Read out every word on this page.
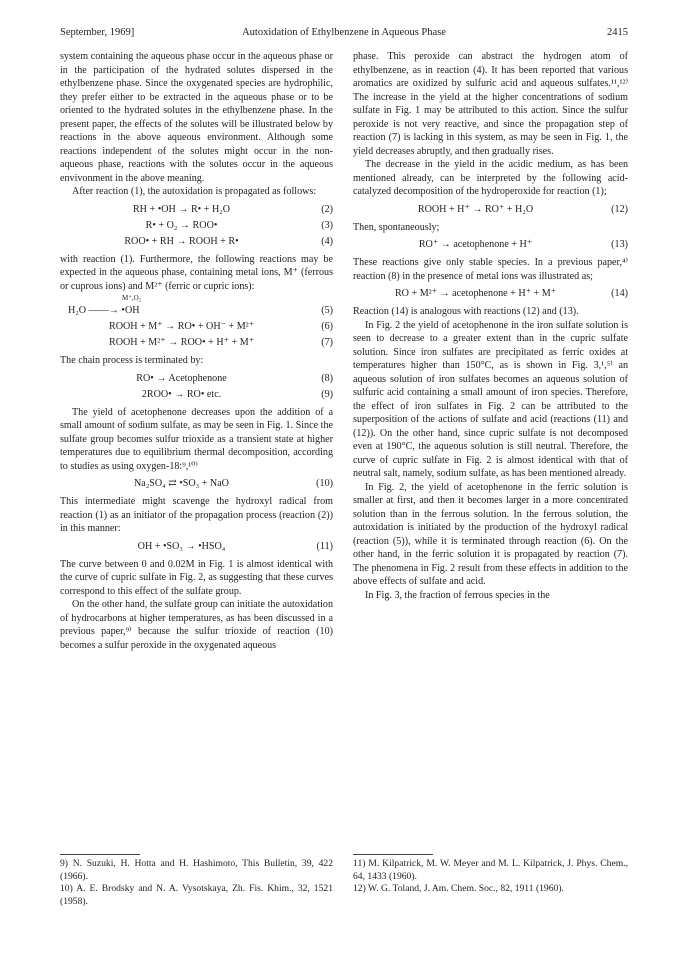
September, 1969]	Autoxidation of Ethylbenzene in Aqueous Phase	2415

system containing the aqueous phase occur in the aqueous phase or in the participation of the hydrated solutes dispersed in the ethylbenzene phase. Since the oxygenated species are hydrophilic, they prefer either to be extracted in the aqueous phase or to be oriented to the hydrated solutes in the ethylbenzene phase. In the present paper, the effects of the solutes will be illustrated below by reactions in the above aqueous environment. Although some reactions independent of the solutes might occur in the non-aqueous phase, reactions with the solutes occur in the aqueous envivonment in the above meaning.

After reaction (1), the autoxidation is propagated as follows:

RH + •OH → R• + H₂O	(2)
R• + O₂ → ROO•	(3)
ROO• + RH → ROOH + R•	(4)

with reaction (1). Furthermore, the following reactions may be expected in the aqueous phase, containing metal ions, M⁺ (ferrous or cuprous ions) and M²⁺ (ferric or cupric ions):

M⁺,O₂
H₂O ——→ •OH	(5)
ROOH + M⁺ → RO• + OH⁻ + M²⁺	(6)
ROOH + M²⁺ → ROO• + H⁺ + M⁺	(7)

The chain process is terminated by:

RO• → Acetophenone	(8)
2ROO• → RO• etc.	(9)

The yield of acetophenone decreases upon the addition of a small amount of sodium sulfate, as may be seen in Fig. 1. Since the sulfate group becomes sulfur trioxide as a transient state at higher temperatures due to equilibrium thermal decomposition, according to studies as using oxygen-18:⁹,¹⁰⁾

Na₂SO₄ ⇄ •SO₃ + NaO	(10)

This intermediate might scavenge the hydroxyl radical from reaction (1) as an initiator of the propagation process (reaction (2)) in this manner:

OH + •SO₃ → •HSO₄	(11)

The curve between 0 and 0.02M in Fig. 1 is almost identical with the curve of cupric sulfate in Fig. 2, as suggesting that these curves correspond to this effect of the sulfate group.

On the other hand, the sulfate group can initiate the autoxidation of hydrocarbons at higher temperatures, as has been discussed in a previous paper,⁹⁾ because the sulfur trioxide of reaction (10) becomes a sulfur peroxide in the oxygenated aqueous

phase. This peroxide can abstract the hydrogen atom of ethylbenzene, as in reaction (4). It has been reported that various aromatics are oxidized by sulfuric acid and aqueous sulfates.¹¹,¹²⁾ The increase in the yield at the higher concentrations of sodium sulfate in Fig. 1 may be attributed to this action. Since the sulfur peroxide is not very reactive, and since the propagation step of reaction (7) is lacking in this system, as may be seen in Fig. 1, the yield decreases abruptly, and then gradually rises.

The decrease in the yield in the acidic medium, as has been mentioned already, can be interpreted by the following acid-catalyzed decomposition of the hydroperoxide for reaction (1);

ROOH + H⁺ → RO⁺ + H₂O	(12)

Then, spontaneously;

RO⁺ → acetophenone + H⁺	(13)

These reactions give only stable species. In a previous paper,⁴⁾ reaction (8) in the presence of metal ions was illustrated as;

RO + M²⁺ → acetophenone + H⁺ + M⁺	(14)

Reaction (14) is analogous with reactions (12) and (13).

In Fig. 2 the yield of acetophenone in the iron sulfate solution is seen to decrease to a greater extent than in the cupric sulfate solution. Since iron sulfates are precipitated as ferric oxides at temperatures higher than 150°C, as is shown in Fig. 3,¹,⁵⁾ an aqueous solution of iron sulfates becomes an aqueous solution of sulfuric acid containing a small amount of iron species. Therefore, the effect of iron sulfates in Fig. 2 can be attributed to the superposition of the actions of sulfate and acid (reactions (11) and (12)). On the other hand, since cupric sulfate is not decomposed even at 190°C, the aqueous solution is still neutral. Therefore, the curve of cupric sulfate in Fig. 2 is almost identical with that of neutral salt, namely, sodium sulfate, as has been mentioned already.

In Fig. 2, the yield of acetophenone in the ferric solution is smaller at first, and then it becomes larger in a more concentrated solution than in the ferrous solution. In the ferrous solution, the autoxidation is initiated by the production of the hydroxyl radical (reaction (5)), while it is terminated through reaction (6). On the other hand, in the ferric solution it is propagated by reaction (7). The phenomena in Fig. 2 result from these effects in addition to the above effects of sulfate and acid.

In Fig. 3, the fraction of ferrous species in the

9) N. Suzuki, H. Hotta and H. Hashimoto, This Bulletin, 39, 422 (1966).

10) A. E. Brodsky and N. A. Vysotskaya, Zh. Fis. Khim., 32, 1521 (1958).

11) M. Kilpatrick, M. W. Meyer and M. L. Kilpatrick, J. Phys. Chem., 64, 1433 (1960).

12) W. G. Toland, J. Am. Chem. Soc., 82, 1911 (1960).
